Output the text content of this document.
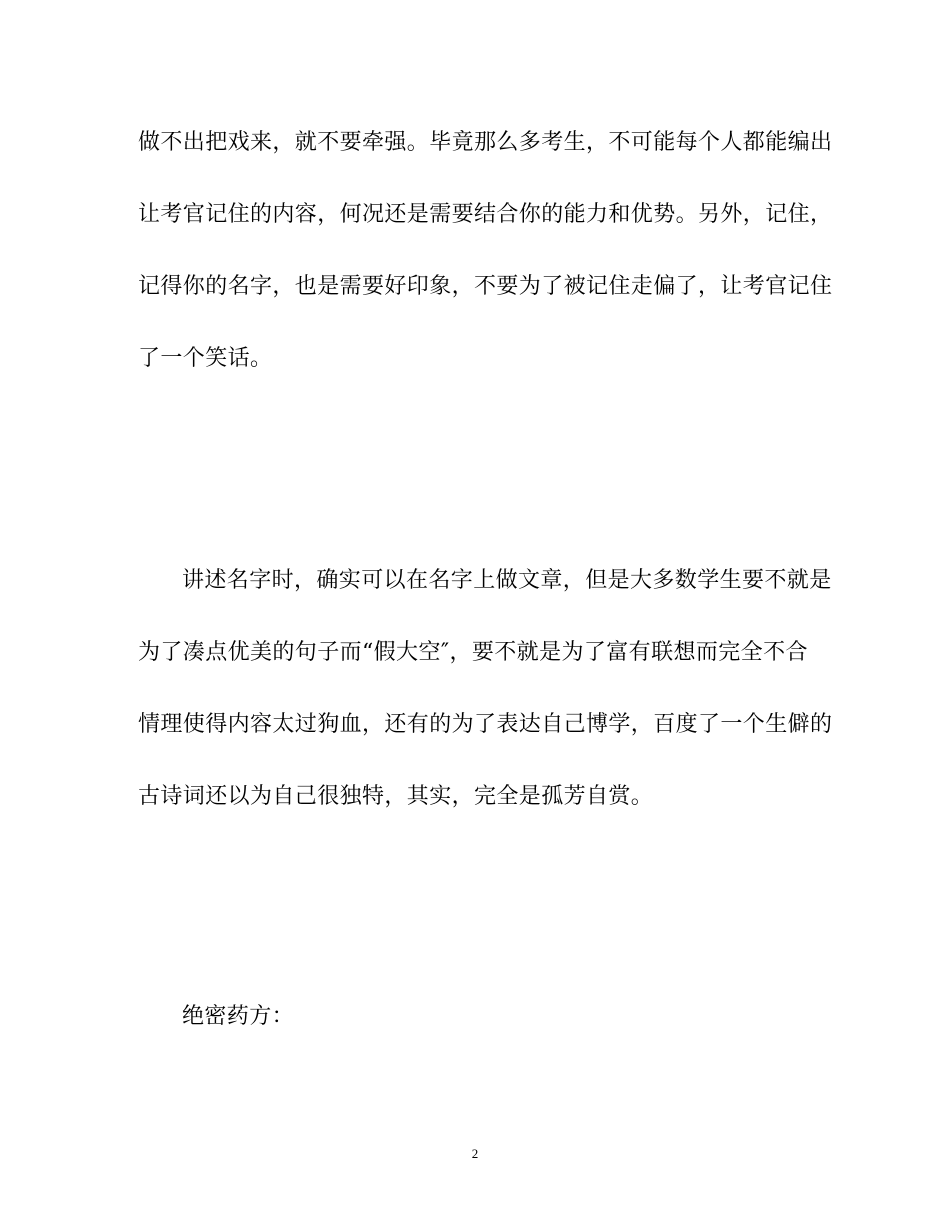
做不出把戏来，就不要牵强。毕竟那么多考生，不可能每个人都能编出
让考官记住的内容，何况还是需要结合你的能力和优势。另外，记住，
记得你的名字，也是需要好印象，不要为了被记住走偏了，让考官记住
了一个笑话。
讲述名字时，确实可以在名字上做文章，但是大多数学生要不就是
为了凑点优美的句子而“假大空″，要不就是为了富有联想而完全不合
情理使得内容太过狗血，还有的为了表达自己博学，百度了一个生僻的
古诗词还以为自己很独特，其实，完全是孤芳自赏。
绝密药方：
2
